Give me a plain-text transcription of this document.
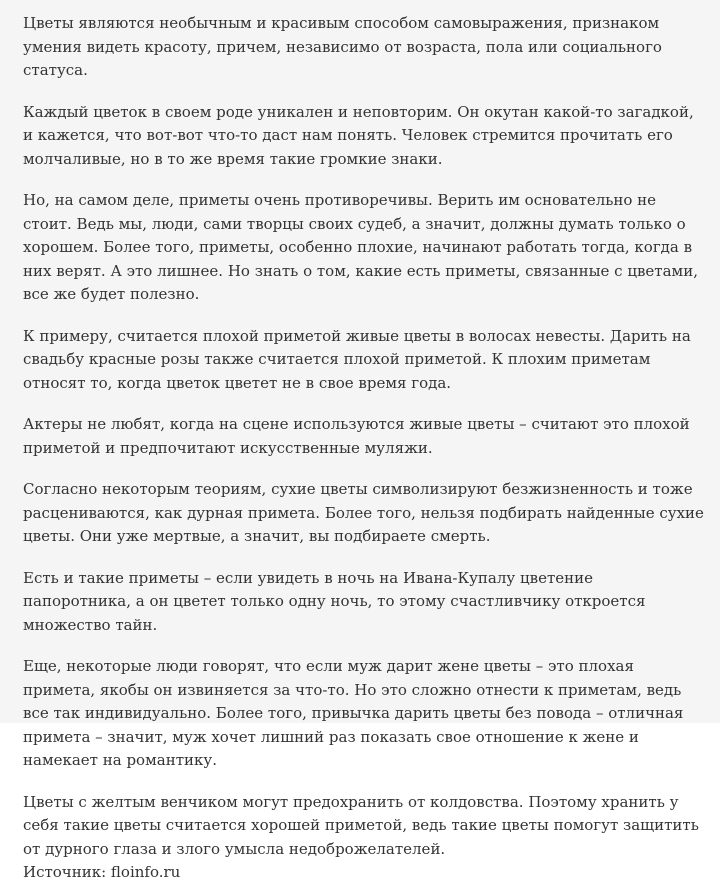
Цветы являются необычным и красивым способом самовыражения, признаком умения видеть красоту, причем, независимо от возраста, пола или социального статуса.

Каждый цветок в своем роде уникален и неповторим. Он окутан какой-то загадкой, и кажется, что вот-вот что-то даст нам понять. Человек стремится прочитать его молчаливые, но в то же время такие громкие знаки.

Но, на самом деле, приметы очень противоречивы. Верить им основательно не стоит. Ведь мы, люди, сами творцы своих судеб, а значит, должны думать только о хорошем. Более того, приметы, особенно плохие, начинают работать тогда, когда в них верят. А это лишнее. Но знать о том, какие есть приметы, связанные с цветами, все же будет полезно.

К примеру, считается плохой приметой живые цветы в волосах невесты. Дарить на свадьбу красные розы также считается плохой приметой. К плохим приметам относят то, когда цветок цветет не в свое время года.

Актеры не любят, когда на сцене используются живые цветы – считают это плохой приметой и предпочитают искусственные муляжи.

Согласно некоторым теориям, сухие цветы символизируют безжизненность и тоже расцениваются, как дурная примета. Более того, нельзя подбирать найденные сухие цветы. Они уже мертвые, а значит, вы подбираете смерть.

Есть и такие приметы – если увидеть в ночь на Ивана-Купалу цветение папоротника, а он цветет только одну ночь, то этому счастливчику откроется множество тайн.

Еще, некоторые люди говорят, что если муж дарит жене цветы – это плохая примета, якобы он извиняется за что-то. Но это сложно отнести к приметам, ведь все так индивидуально. Более того, привычка дарить цветы без повода – отличная примета – значит, муж хочет лишний раз показать свое отношение к жене и намекает на романтику.

Цветы с желтым венчиком могут предохранить от колдовства. Поэтому хранить у себя такие цветы считается хорошей приметой, ведь такие цветы помогут защитить от дурного глаза и злого умысла недоброжелателей.

Источник: floinfo.ru
